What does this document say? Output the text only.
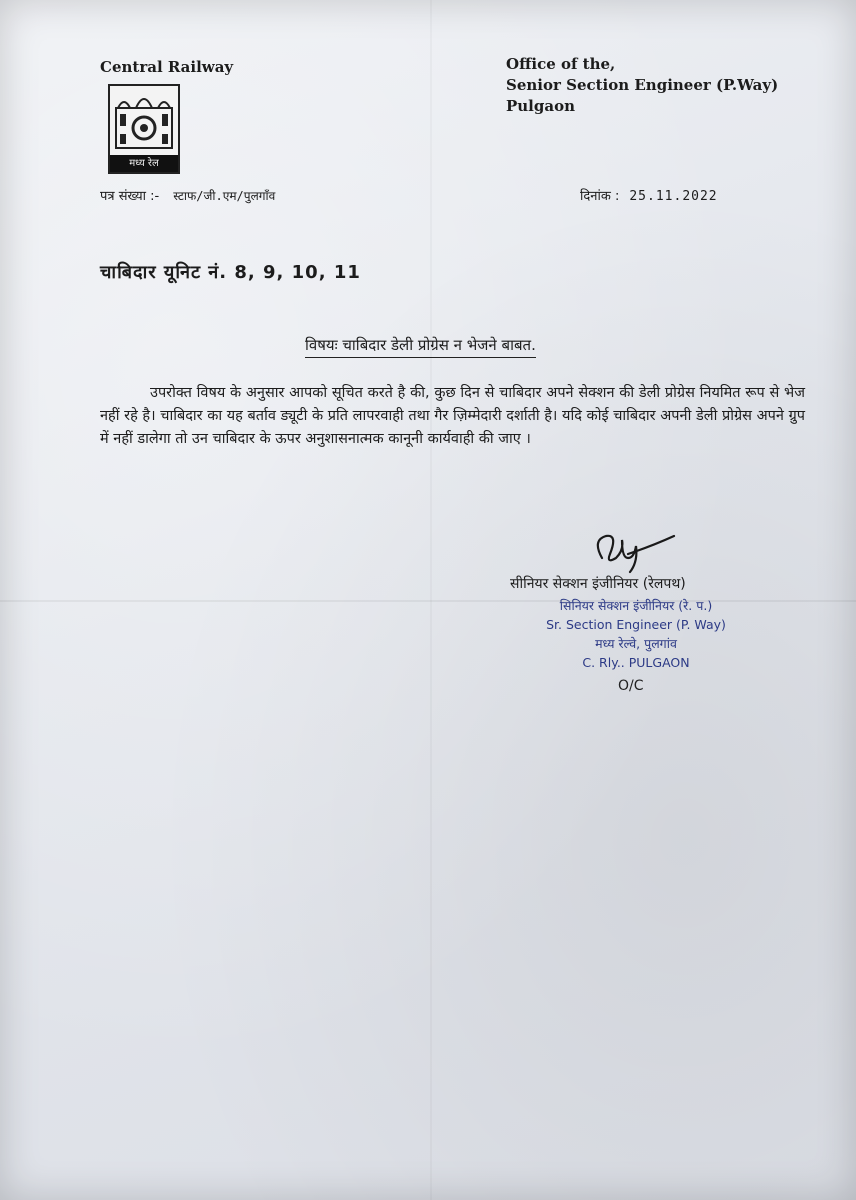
Central Railway
मध्य रेल
Office of the,
Senior Section Engineer (P.Way)
Pulgaon
पत्र संख्या :- स्टाफ/जी.एम/पुलगाँव	दिनांक : 25.11.2022
चाबिदार यूनिट नं. 8, 9, 10, 11
विषयः चाबिदार डेली प्रोग्रेस न भेजने बाबत.
उपरोक्त विषय के अनुसार आपको सूचित करते है की, कुछ दिन से चाबिदार अपने सेक्शन की डेली प्रोग्रेस नियमित रूप से भेज नहीं रहे है। चाबिदार का यह बर्ताव ड्यूटी के प्रति लापरवाही तथा गैर ज़िम्मेदारी दर्शाती है। यदि कोई चाबिदार अपनी डेली प्रोग्रेस अपने ग्रुप में नहीं डालेगा तो उन चाबिदार के ऊपर अनुशासनात्मक कानूनी कार्यवाही की जाए ।
सीनियर सेक्शन इंजीनियर (रेलपथ)
सिनियर सेक्शन इंजीनियर (रे. प.)
Sr. Section Engineer (P. Way)
मध्य रेल्वे, पुलगांव
C. Rly.. PULGAON
O/C
